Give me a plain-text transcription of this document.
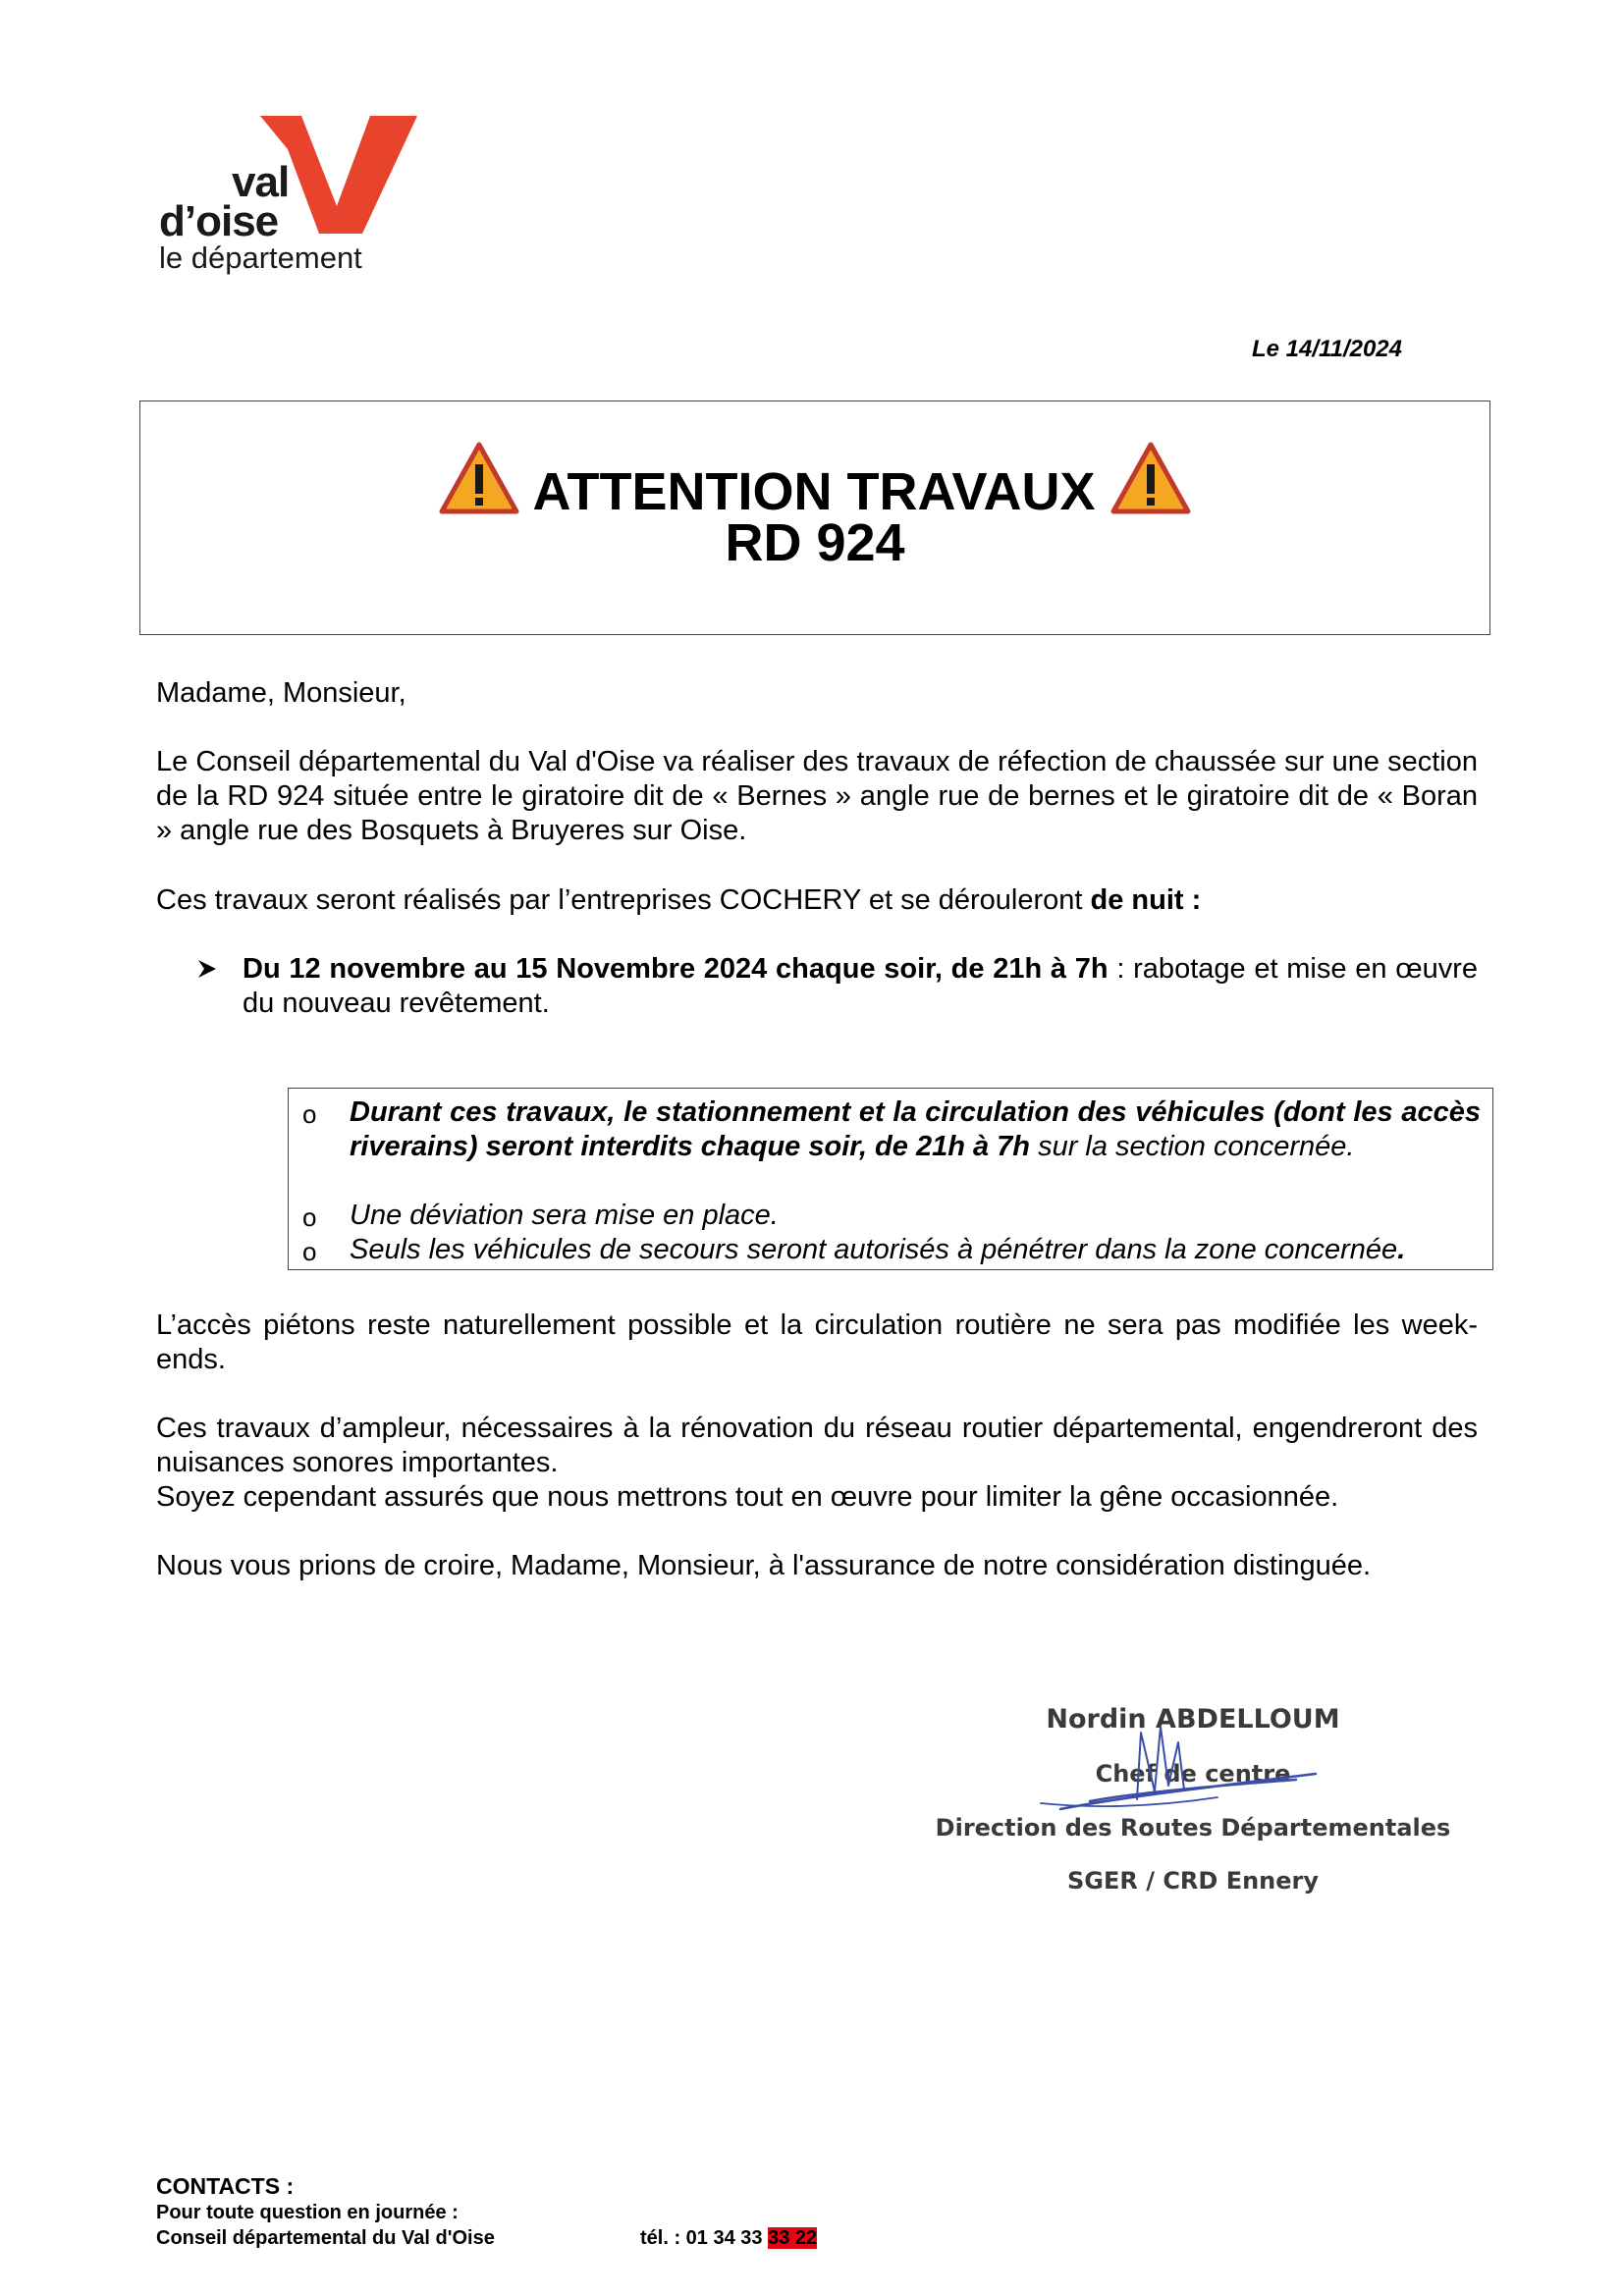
val
d’oise
le département
Le 14/11/2024
ATTENTION TRAVAUX
RD 924
Madame, Monsieur,
Le Conseil départemental du Val d'Oise va réaliser des travaux de réfection de chaussée sur une section de la RD 924 située entre le giratoire dit de « Bernes » angle rue de bernes et le giratoire dit de « Boran » angle rue des Bosquets à Bruyeres sur Oise.
Ces travaux seront réalisés par l’entreprises COCHERY et se dérouleront de nuit :
Du 12 novembre au 15 Novembre 2024 chaque soir, de 21h à 7h : rabotage et mise en œuvre du nouveau revêtement.
o Durant ces travaux, le stationnement et la circulation des véhicules (dont les accès riverains) seront interdits chaque soir, de 21h à 7h sur la section concernée.
o Une déviation sera mise en place.
o Seuls les véhicules de secours seront autorisés à pénétrer dans la zone concernée.
L’accès piétons reste naturellement possible et la circulation routière ne sera pas modifiée les week-ends.
Ces travaux d’ampleur, nécessaires à la rénovation du réseau routier départemental, engendreront des nuisances sonores importantes.
Soyez cependant assurés que nous mettrons tout en œuvre pour limiter la gêne occasionnée.
Nous vous prions de croire, Madame, Monsieur, à l'assurance de notre considération distinguée.
Nordin ABDELLOUM
Chef de centre
Direction des Routes Départementales
SGER / CRD Ennery
CONTACTS :
Pour toute question en journée :
Conseil départemental du Val d'Oise	tél. : 01 34 33 33 22
